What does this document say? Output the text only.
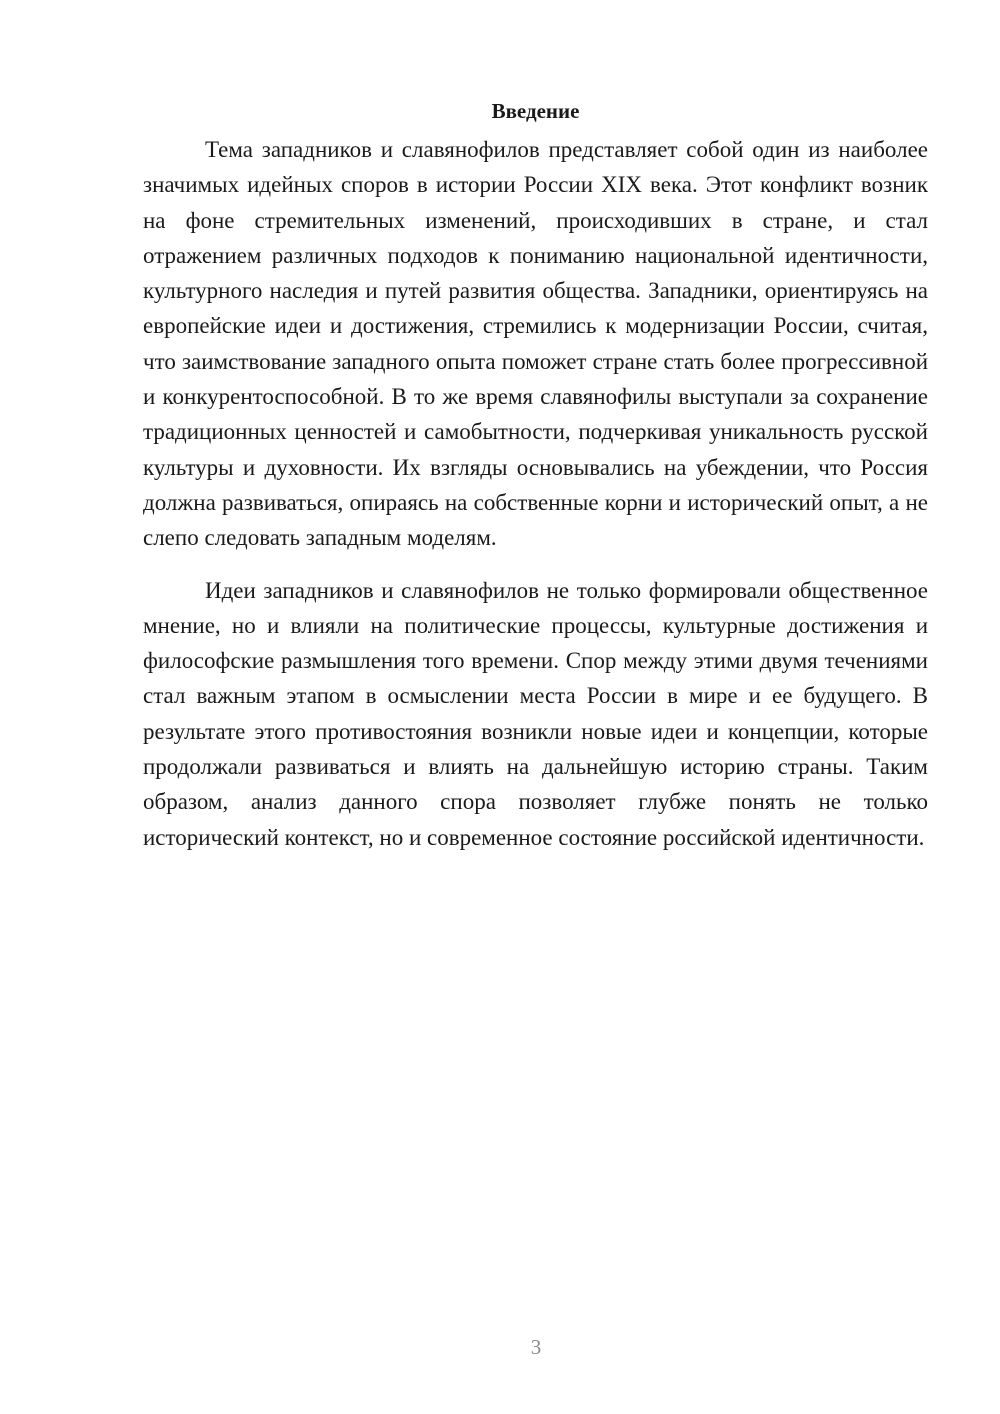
Введение

Тема западников и славянофилов представляет собой один из наиболее значимых идейных споров в истории России XIX века. Этот конфликт возник на фоне стремительных изменений, происходивших в стране, и стал отражением различных подходов к пониманию национальной идентичности, культурного наследия и путей развития общества. Западники, ориентируясь на европейские идеи и достижения, стремились к модернизации России, считая, что заимствование западного опыта поможет стране стать более прогрессивной и конкурентоспособной. В то же время славянофилы выступали за сохранение традиционных ценностей и самобытности, подчеркивая уникальность русской культуры и духовности. Их взгляды основывались на убеждении, что Россия должна развиваться, опираясь на собственные корни и исторический опыт, а не слепо следовать западным моделям.

Идеи западников и славянофилов не только формировали общественное мнение, но и влияли на политические процессы, культурные достижения и философские размышления того времени. Спор между этими двумя течениями стал важным этапом в осмыслении места России в мире и ее будущего. В результате этого противостояния возникли новые идеи и концепции, которые продолжали развиваться и влиять на дальнейшую историю страны. Таким образом, анализ данного спора позволяет глубже понять не только исторический контекст, но и современное состояние российской идентичности.

3
